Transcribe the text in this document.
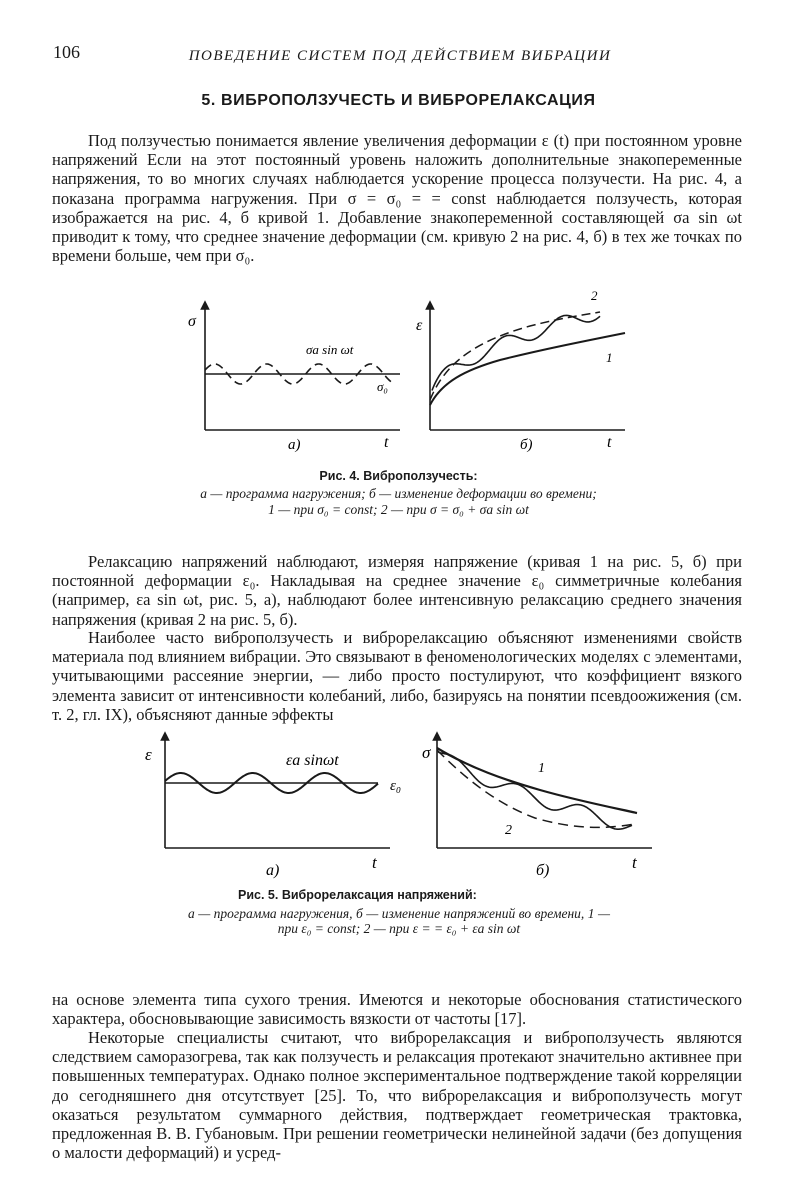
106	ПОВЕДЕНИЕ СИСТЕМ ПОД ДЕЙСТВИЕМ ВИБРАЦИИ
5. ВИБРОПОЛЗУЧЕСТЬ И ВИБРОРЕЛАКСАЦИЯ

Под ползучестью понимается явление увеличения деформации ε (t) при постоянном уровне напряжений Если на этот постоянный уровень наложить дополнительные знакопеременные напряжения, то во многих случаях наблюдается ускорение процесса ползучести. На рис. 4, а показана программа нагружения. При σ = σ₀ = = const наблюдается ползучесть, которая изображается на рис. 4, б кривой 1. Добавление знакопеременной составляющей σa sin ωt приводит к тому, что среднее значение деформации (см. кривую 2 на рис. 4, б) в тех же точках по времени больше, чем при σ₀.

σ
t
а)
σa sin ωt
σ₀
ε
t
б)
2
1
Рис. 4. Виброползучесть:

а — программа нагружения; б — изменение деформации во времени;

1 — при σ₀ = const; 2 — при σ = σ₀ + σa sin ωt

Релаксацию напряжений наблюдают, измеряя напряжение (кривая 1 на рис. 5, б) при постоянной деформации ε₀. Накладывая на среднее значение ε₀ симметричные колебания (например, εa sin ωt, рис. 5, а), наблюдают более интенсивную релаксацию среднего значения напряжения (кривая 2 на рис. 5, б).

Наиболее часто виброползучесть и виброрелаксацию объясняют изменениями свойств материала под влиянием вибрации. Это связывают в феноменологических моделях с элементами, учитывающими рассеяние энергии, — либо просто постулируют, что коэффициент вязкого элемента зависит от интенсивности колебаний, либо, базируясь на понятии псевдоожижения (см. т. 2, гл. IX), объясняют данные эффекты

ε
t
а)
εa sinωt
ε₀
σ
t
б)
1
2
Рис. 5. Виброрелаксация напряжений:

а — программа нагружения, б — изменение напряжений во времени, 1 — при ε₀ = const; 2 — при ε = = ε₀ + εa sin ωt

на основе элемента типа сухого трения. Имеются и некоторые обоснования статистического характера, обосновывающие зависимость вязкости от частоты [17].

Некоторые специалисты считают, что виброрелаксация и виброползучесть являются следствием саморазогрева, так как ползучесть и релаксация протекают значительно активнее при повышенных температурах. Однако полное экспериментальное подтверждение такой корреляции до сегодняшнего дня отсутствует [25]. То, что виброрелаксация и виброползучесть могут оказаться результатом суммарного действия, подтверждает геометрическая трактовка, предложенная В. В. Губановым. При решении геометрически нелинейной задачи (без допущения о малости деформаций) и усред-
